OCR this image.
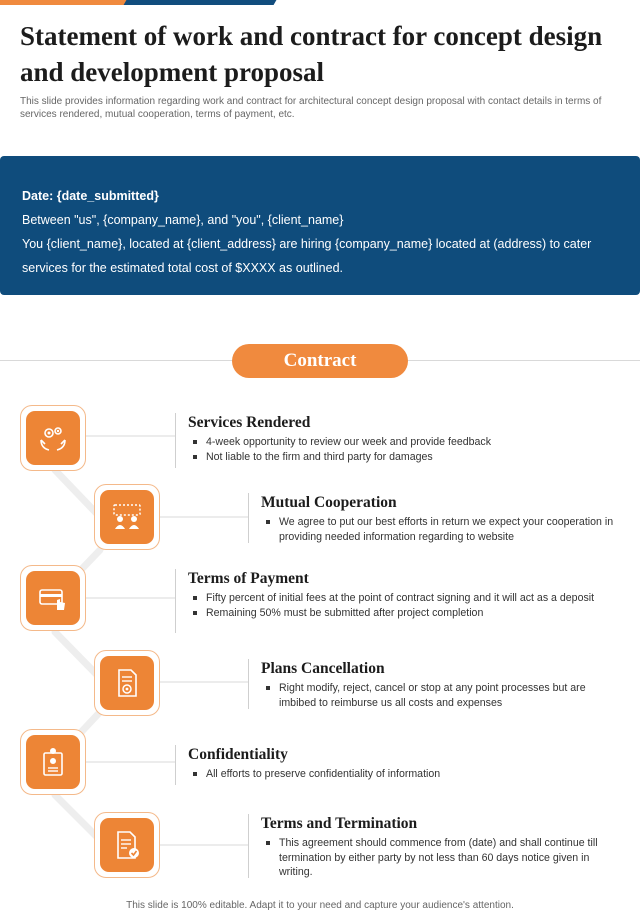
Statement of work and contract for concept design and development proposal

This slide provides information regarding work and contract for architectural concept design proposal with contact details in terms of services rendered, mutual cooperation, terms of payment, etc.

Date: {date_submitted}
Between "us", {company_name}, and "you", {client_name}
You {client_name}, located at {client_address} are hiring {company_name} located at (address) to cater services for the estimated total cost of $XXXX as outlined.
Contract
Services Rendered
4-week opportunity to review our week and provide feedback
Not liable to the firm and third party for damages
Mutual Cooperation
We agree to put our best efforts in return we expect your cooperation in providing needed information regarding to website
Terms of Payment
Fifty percent of initial fees at the point of contract signing and it will act as a deposit
Remaining 50% must be submitted after project completion
Plans Cancellation
Right modify, reject, cancel or stop at any point processes but are imbibed to reimburse us all costs and expenses
Confidentiality
All efforts to preserve confidentiality of information
Terms and Termination
This agreement should commence from (date) and shall continue till termination by either party by not less than 60 days notice given in writing.
This slide is 100% editable. Adapt it to your need and capture your audience's attention.
